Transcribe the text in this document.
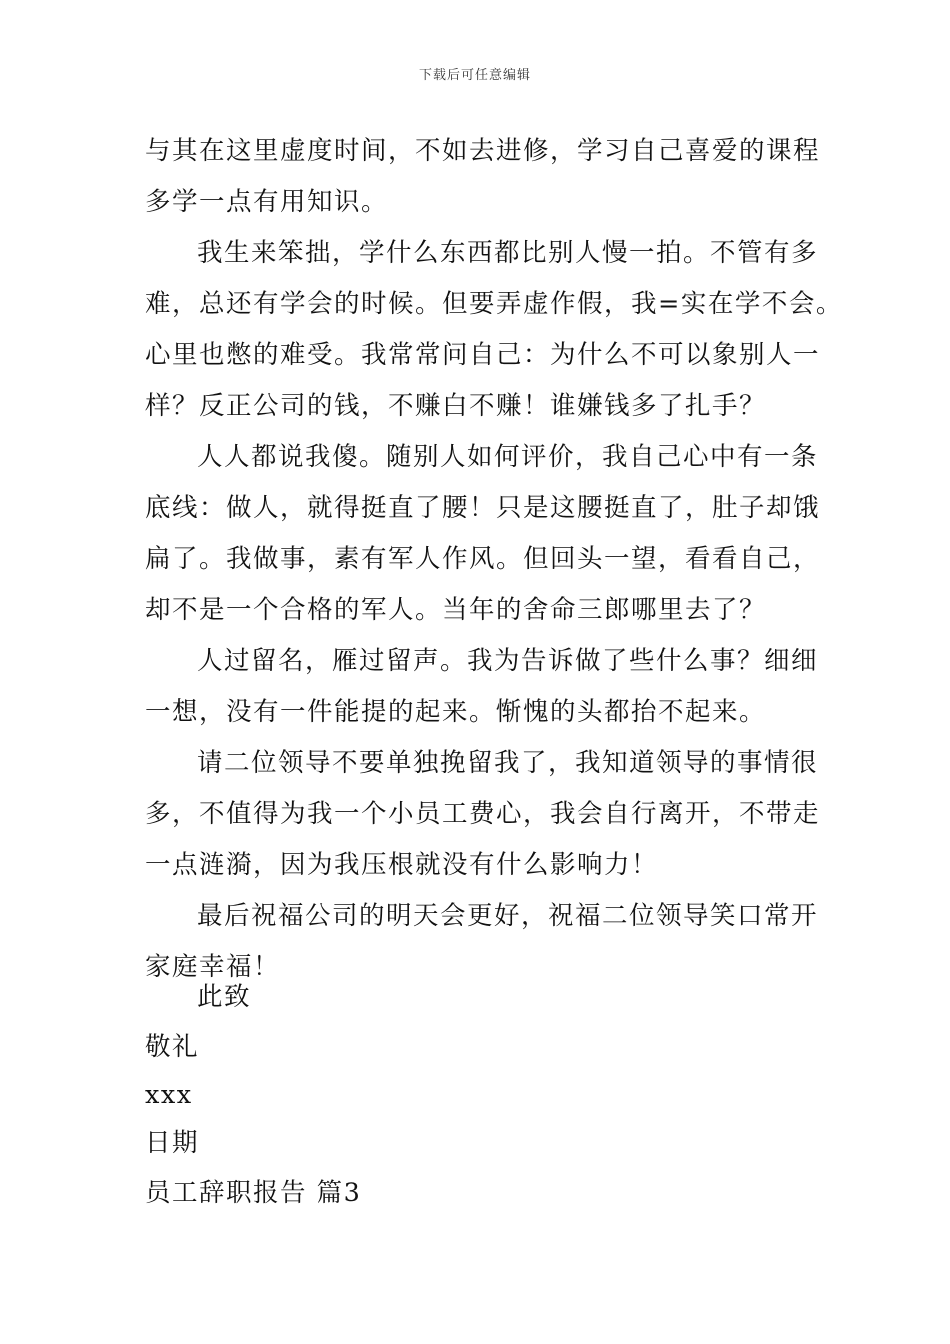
下载后可任意编辑
与其在这里虚度时间，不如去进修，学习自己喜爱的课程
多学一点有用知识。
我生来笨拙，学什么东西都比别人慢一拍。不管有多
难，总还有学会的时候。但要弄虚作假，我=实在学不会。
心里也憋的难受。我常常问自己：为什么不可以象别人一
样？反正公司的钱，不赚白不赚！谁嫌钱多了扎手？
人人都说我傻。随别人如何评价，我自己心中有一条
底线：做人，就得挺直了腰！只是这腰挺直了，肚子却饿
扁了。我做事，素有军人作风。但回头一望，看看自己，
却不是一个合格的军人。当年的舍命三郎哪里去了？
人过留名，雁过留声。我为告诉做了些什么事？细细
一想，没有一件能提的起来。惭愧的头都抬不起来。
请二位领导不要单独挽留我了，我知道领导的事情很
多，不值得为我一个小员工费心，我会自行离开，不带走
一点涟漪，因为我压根就没有什么影响力！
最后祝福公司的明天会更好，祝福二位领导笑口常开
家庭幸福！
此致
敬礼
xxx
日期
员工辞职报告 篇3
